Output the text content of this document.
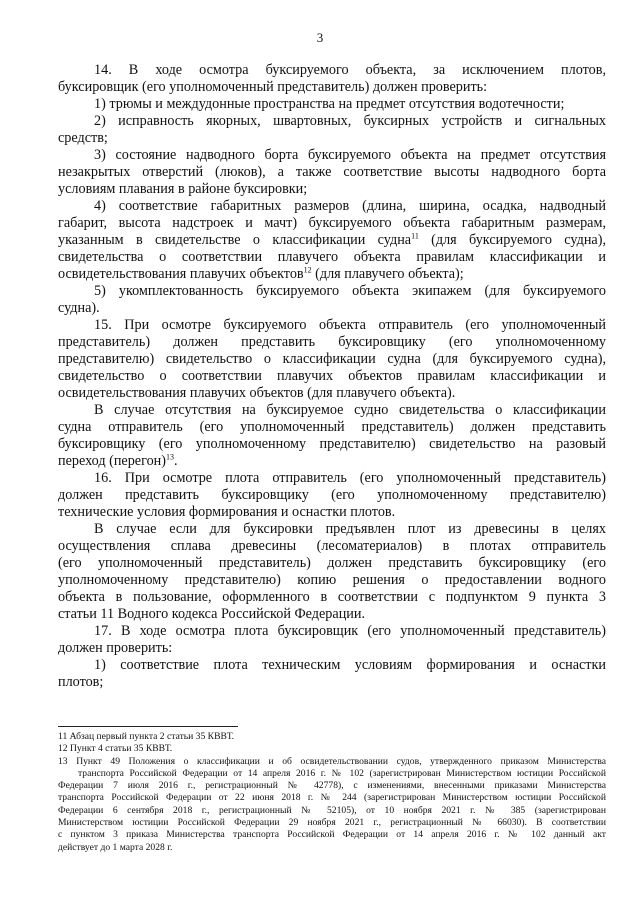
3
14. В ходе осмотра буксируемого объекта, за исключением плотов,
буксировщик (его уполномоченный представитель) должен проверить:
1) трюмы и междудонные пространства на предмет отсутствия водотечности;
2) исправность якорных, швартовных, буксирных устройств и сигнальных
средств;
3) состояние надводного борта буксируемого объекта на предмет отсутствия
незакрытых отверстий (люков), а также соответствие высоты надводного борта
условиям плавания в районе буксировки;
4) соответствие габаритных размеров (длина, ширина, осадка, надводный
габарит, высота надстроек и мачт) буксируемого объекта габаритным размерам,
указанным в свидетельстве о классификации судна$^{11}$ (для буксируемого судна),
свидетельства о соответствии плавучего объекта правилам классификации и
освидетельствования плавучих объектов$^{12}$ (для плавучего объекта);
5) укомплектованность буксируемого объекта экипажем (для буксируемого
судна).
15. При осмотре буксируемого объекта отправитель (его уполномоченный
представитель) должен представить буксировщику (его уполномоченному
представителю) свидетельство о классификации судна (для буксируемого судна),
свидетельство о соответствии плавучих объектов правилам классификации и
освидетельствования плавучих объектов (для плавучего объекта).
В случае отсутствия на буксируемое судно свидетельства о классификации
судна отправитель (его уполномоченный представитель) должен представить
буксировщику (его уполномоченному представителю) свидетельство на разовый
переход (перегон)$^{13}$.
16. При осмотре плота отправитель (его уполномоченный представитель)
должен представить буксировщику (его уполномоченному представителю)
технические условия формирования и оснастки плотов.
В случае если для буксировки предъявлен плот из древесины в целях
осуществления сплава древесины (лесоматериалов) в плотах отправитель
(его уполномоченный представитель) должен представить буксировщику (его
уполномоченному представителю) копию решения о предоставлении водного
объекта в пользование, оформленного в соответствии с подпунктом 9 пункта 3
статьи 11 Водного кодекса Российской Федерации.
17. В ходе осмотра плота буксировщик (его уполномоченный представитель)
должен проверить:
1) соответствие плота техническим условиям формирования и оснастки
плотов;
11 Абзац первый пункта 2 статьи 35 КВВТ.
12 Пункт 4 статьи 35 КВВТ.
13 Пункт 49 Положения о классификации и об освидетельствовании судов, утвержденного приказом Министерства
транспорта Российской Федерации от 14 апреля 2016 г. № 102 (зарегистрирован Министерством юстиции Российской
Федерации 7 июля 2016 г., регистрационный № 42778), с изменениями, внесенными приказами Министерства
транспорта Российской Федерации от 22 июня 2018 г. № 244 (зарегистрирован Министерством юстиции Российской
Федерации 6 сентября 2018 г., регистрационный № 52105), от 10 ноября 2021 г. № 385 (зарегистрирован
Министерством юстиции Российской Федерации 29 ноября 2021 г., регистрационный № 66030). В соответствии
с пунктом 3 приказа Министерства транспорта Российской Федерации от 14 апреля 2016 г. № 102 данный акт
действует до 1 марта 2028 г.
